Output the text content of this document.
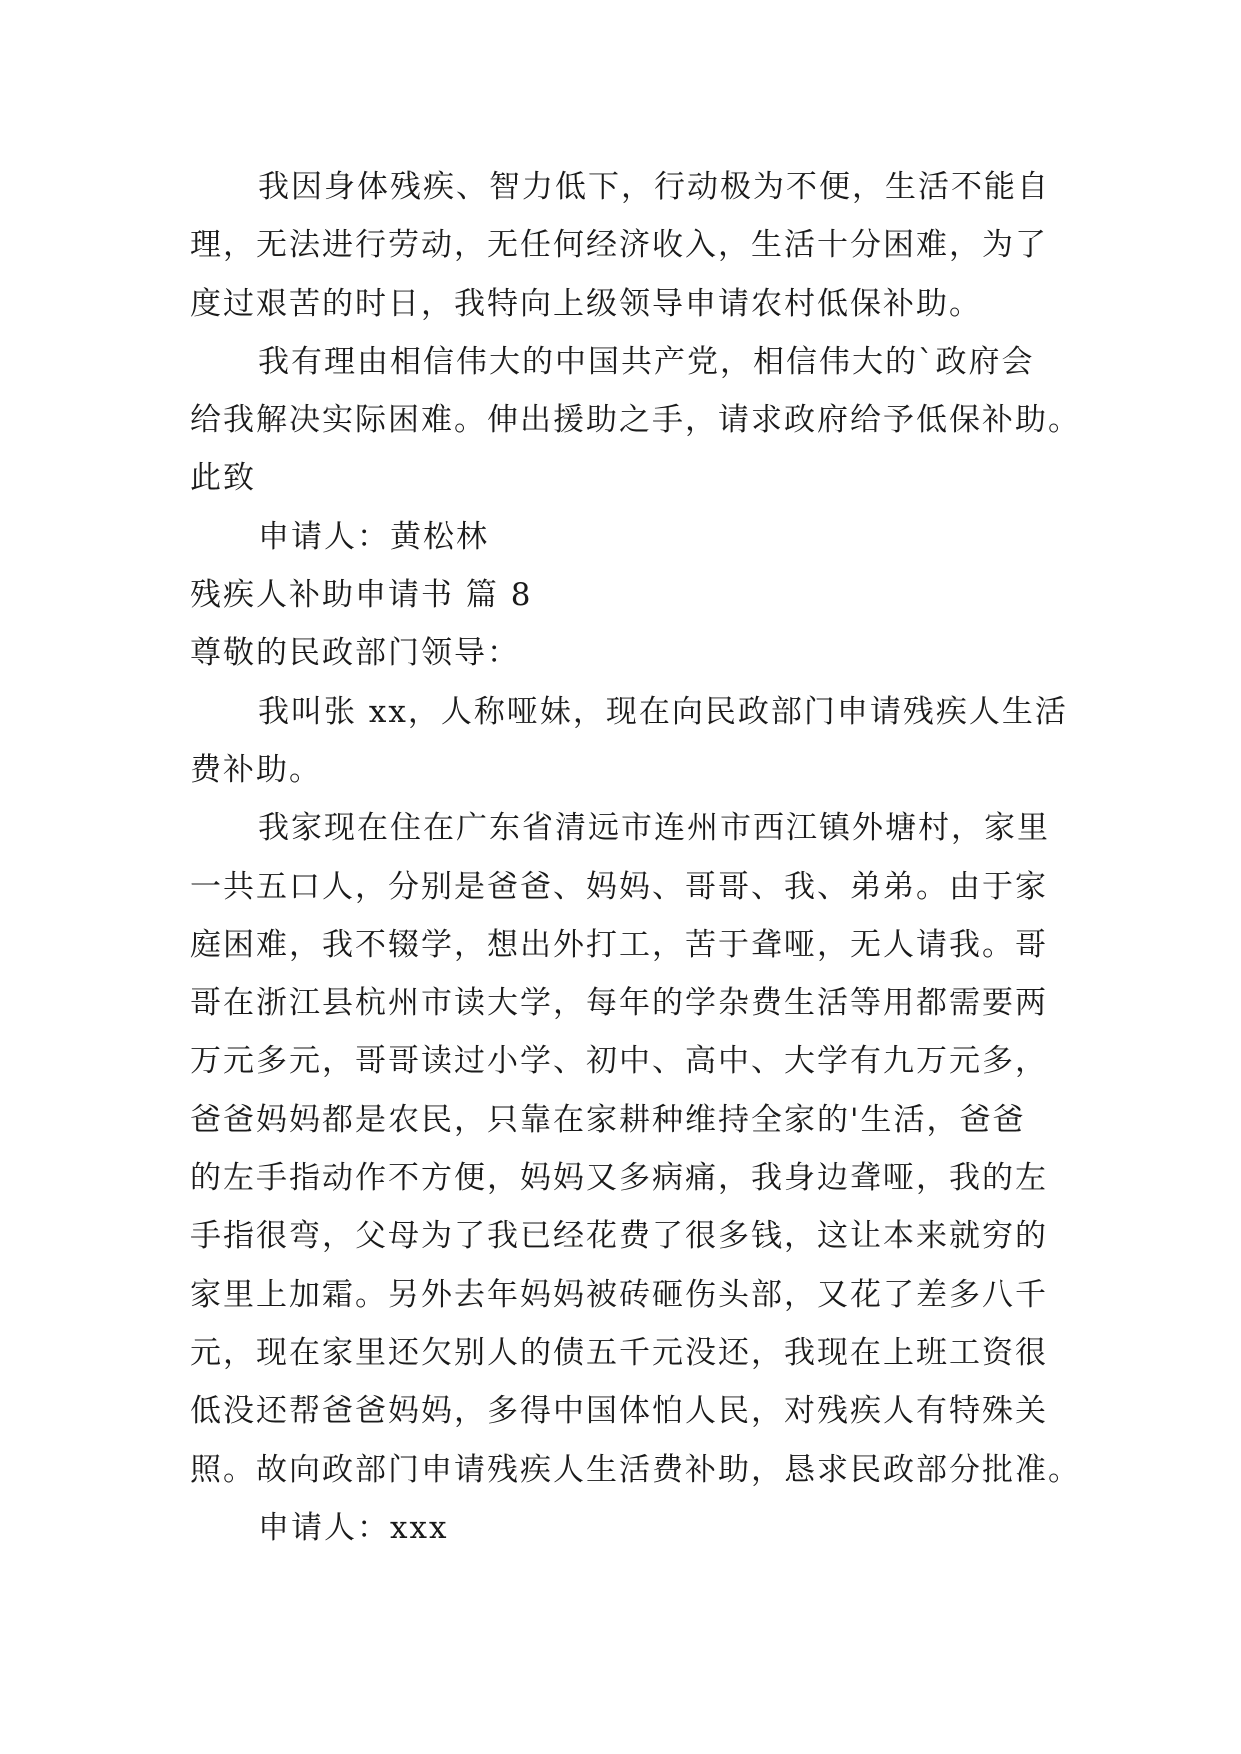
我因身体残疾、智力低下，行动极为不便，生活不能自
理，无法进行劳动，无任何经济收入，生活十分困难，为了
度过艰苦的时日，我特向上级领导申请农村低保补助。
我有理由相信伟大的中国共产党，相信伟大的`政府会
给我解决实际困难。伸出援助之手，请求政府给予低保补助。
此致
申请人：黄松林
残疾人补助申请书 篇 8
尊敬的民政部门领导：
我叫张 xx，人称哑妹，现在向民政部门申请残疾人生活
费补助。
我家现在住在广东省清远市连州市西江镇外塘村，家里
一共五口人，分别是爸爸、妈妈、哥哥、我、弟弟。由于家
庭困难，我不辍学，想出外打工，苦于聋哑，无人请我。哥
哥在浙江县杭州市读大学，每年的学杂费生活等用都需要两
万元多元，哥哥读过小学、初中、高中、大学有九万元多，
爸爸妈妈都是农民，只靠在家耕种维持全家的'生活，爸爸
的左手指动作不方便，妈妈又多病痛，我身边聋哑，我的左
手指很弯，父母为了我已经花费了很多钱，这让本来就穷的
家里上加霜。另外去年妈妈被砖砸伤头部，又花了差多八千
元，现在家里还欠别人的债五千元没还，我现在上班工资很
低没还帮爸爸妈妈，多得中国体怕人民，对残疾人有特殊关
照。故向政部门申请残疾人生活费补助，恳求民政部分批准。
申请人：xxx
